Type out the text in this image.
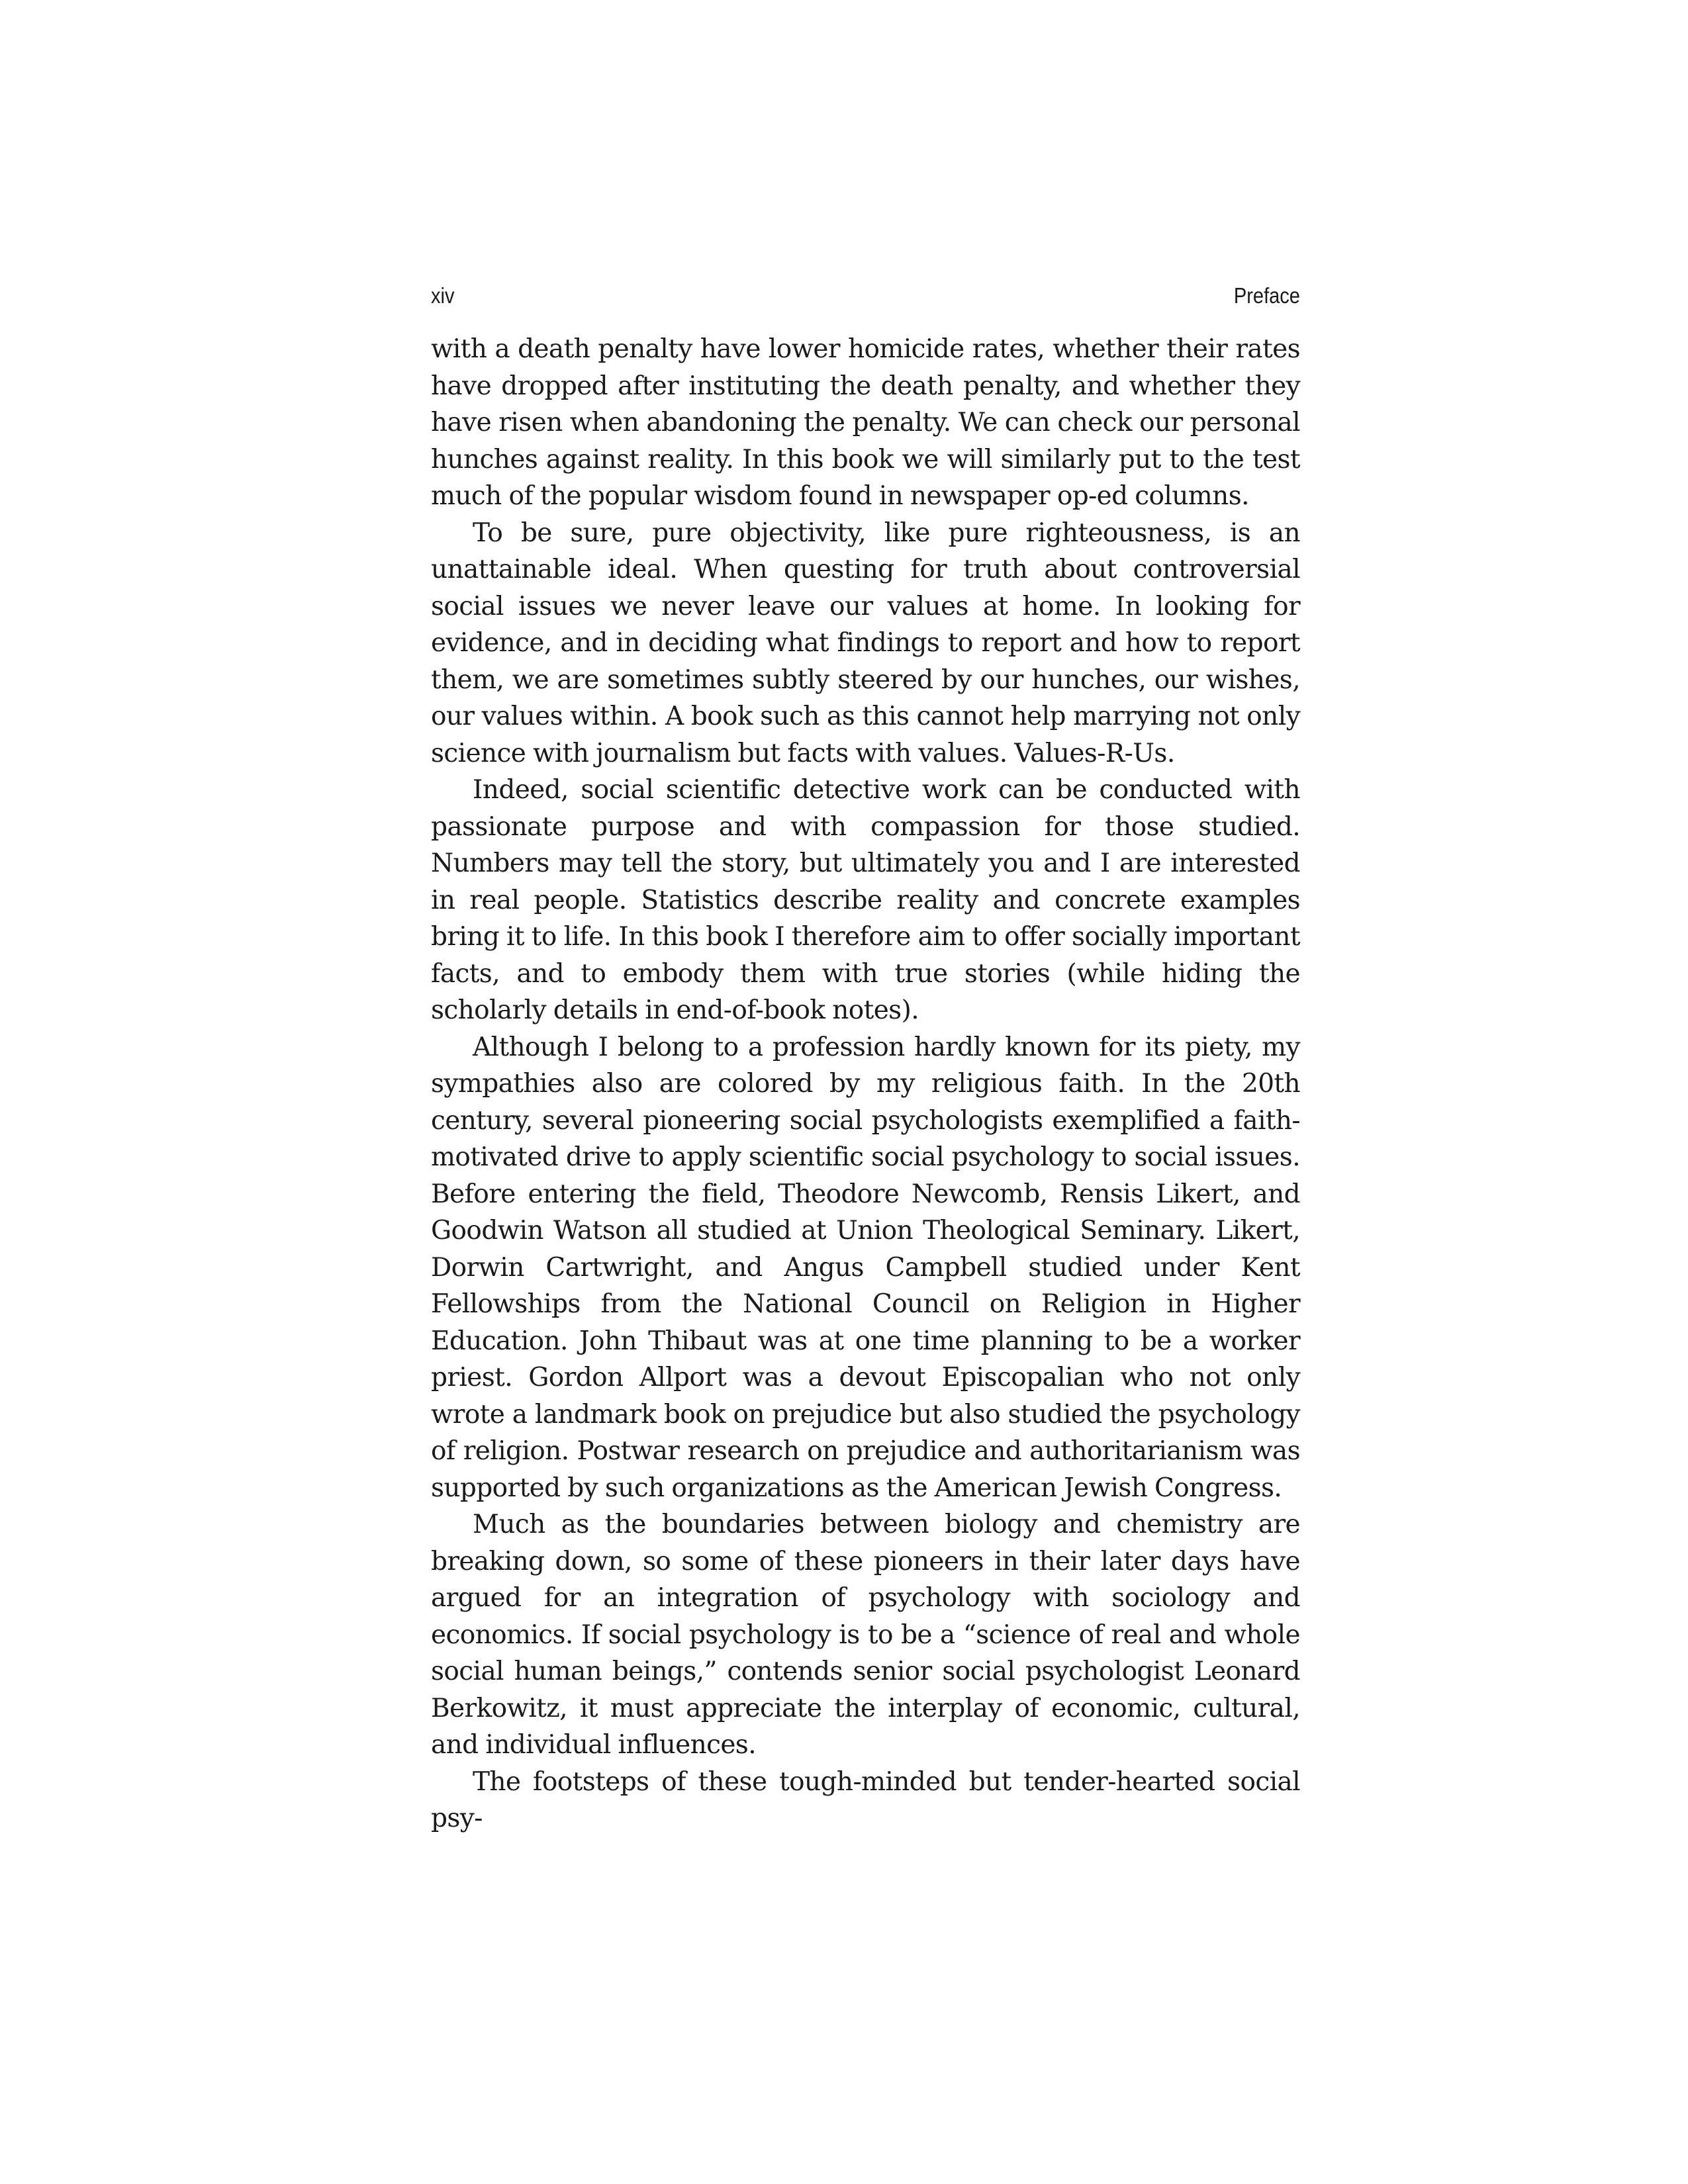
xiv	Preface

with a death penalty have lower homicide rates, whether their rates have dropped after instituting the death penalty, and whether they have risen when abandoning the penalty. We can check our personal hunches against reality. In this book we will similarly put to the test much of the popular wisdom found in newspaper op-ed columns.

To be sure, pure objectivity, like pure righteousness, is an unattainable ideal. When questing for truth about controversial social issues we never leave our values at home. In looking for evidence, and in deciding what findings to report and how to report them, we are sometimes subtly steered by our hunches, our wishes, our values within. A book such as this cannot help marrying not only science with journalism but facts with values. Values-R-Us.

Indeed, social scientific detective work can be conducted with passionate purpose and with compassion for those studied. Numbers may tell the story, but ultimately you and I are interested in real people. Statistics describe reality and concrete examples bring it to life. In this book I therefore aim to offer socially important facts, and to embody them with true stories (while hiding the scholarly details in end-of-book notes).

Although I belong to a profession hardly known for its piety, my sympathies also are colored by my religious faith. In the 20th century, several pioneering social psychologists exemplified a faith-motivated drive to apply scientific social psychology to social issues. Before entering the field, Theodore Newcomb, Rensis Likert, and Goodwin Watson all studied at Union Theological Seminary. Likert, Dorwin Cartwright, and Angus Campbell studied under Kent Fellowships from the National Council on Religion in Higher Education. John Thibaut was at one time planning to be a worker priest. Gordon Allport was a devout Episcopalian who not only wrote a landmark book on prejudice but also studied the psychology of religion. Postwar research on prejudice and authoritarianism was supported by such organizations as the American Jewish Congress.

Much as the boundaries between biology and chemistry are breaking down, so some of these pioneers in their later days have argued for an integration of psychology with sociology and economics. If social psychology is to be a “science of real and whole social human beings,” contends senior social psychologist Leonard Berkowitz, it must appreciate the interplay of economic, cultural, and individual influences.

The footsteps of these tough-minded but tender-hearted social psy-
